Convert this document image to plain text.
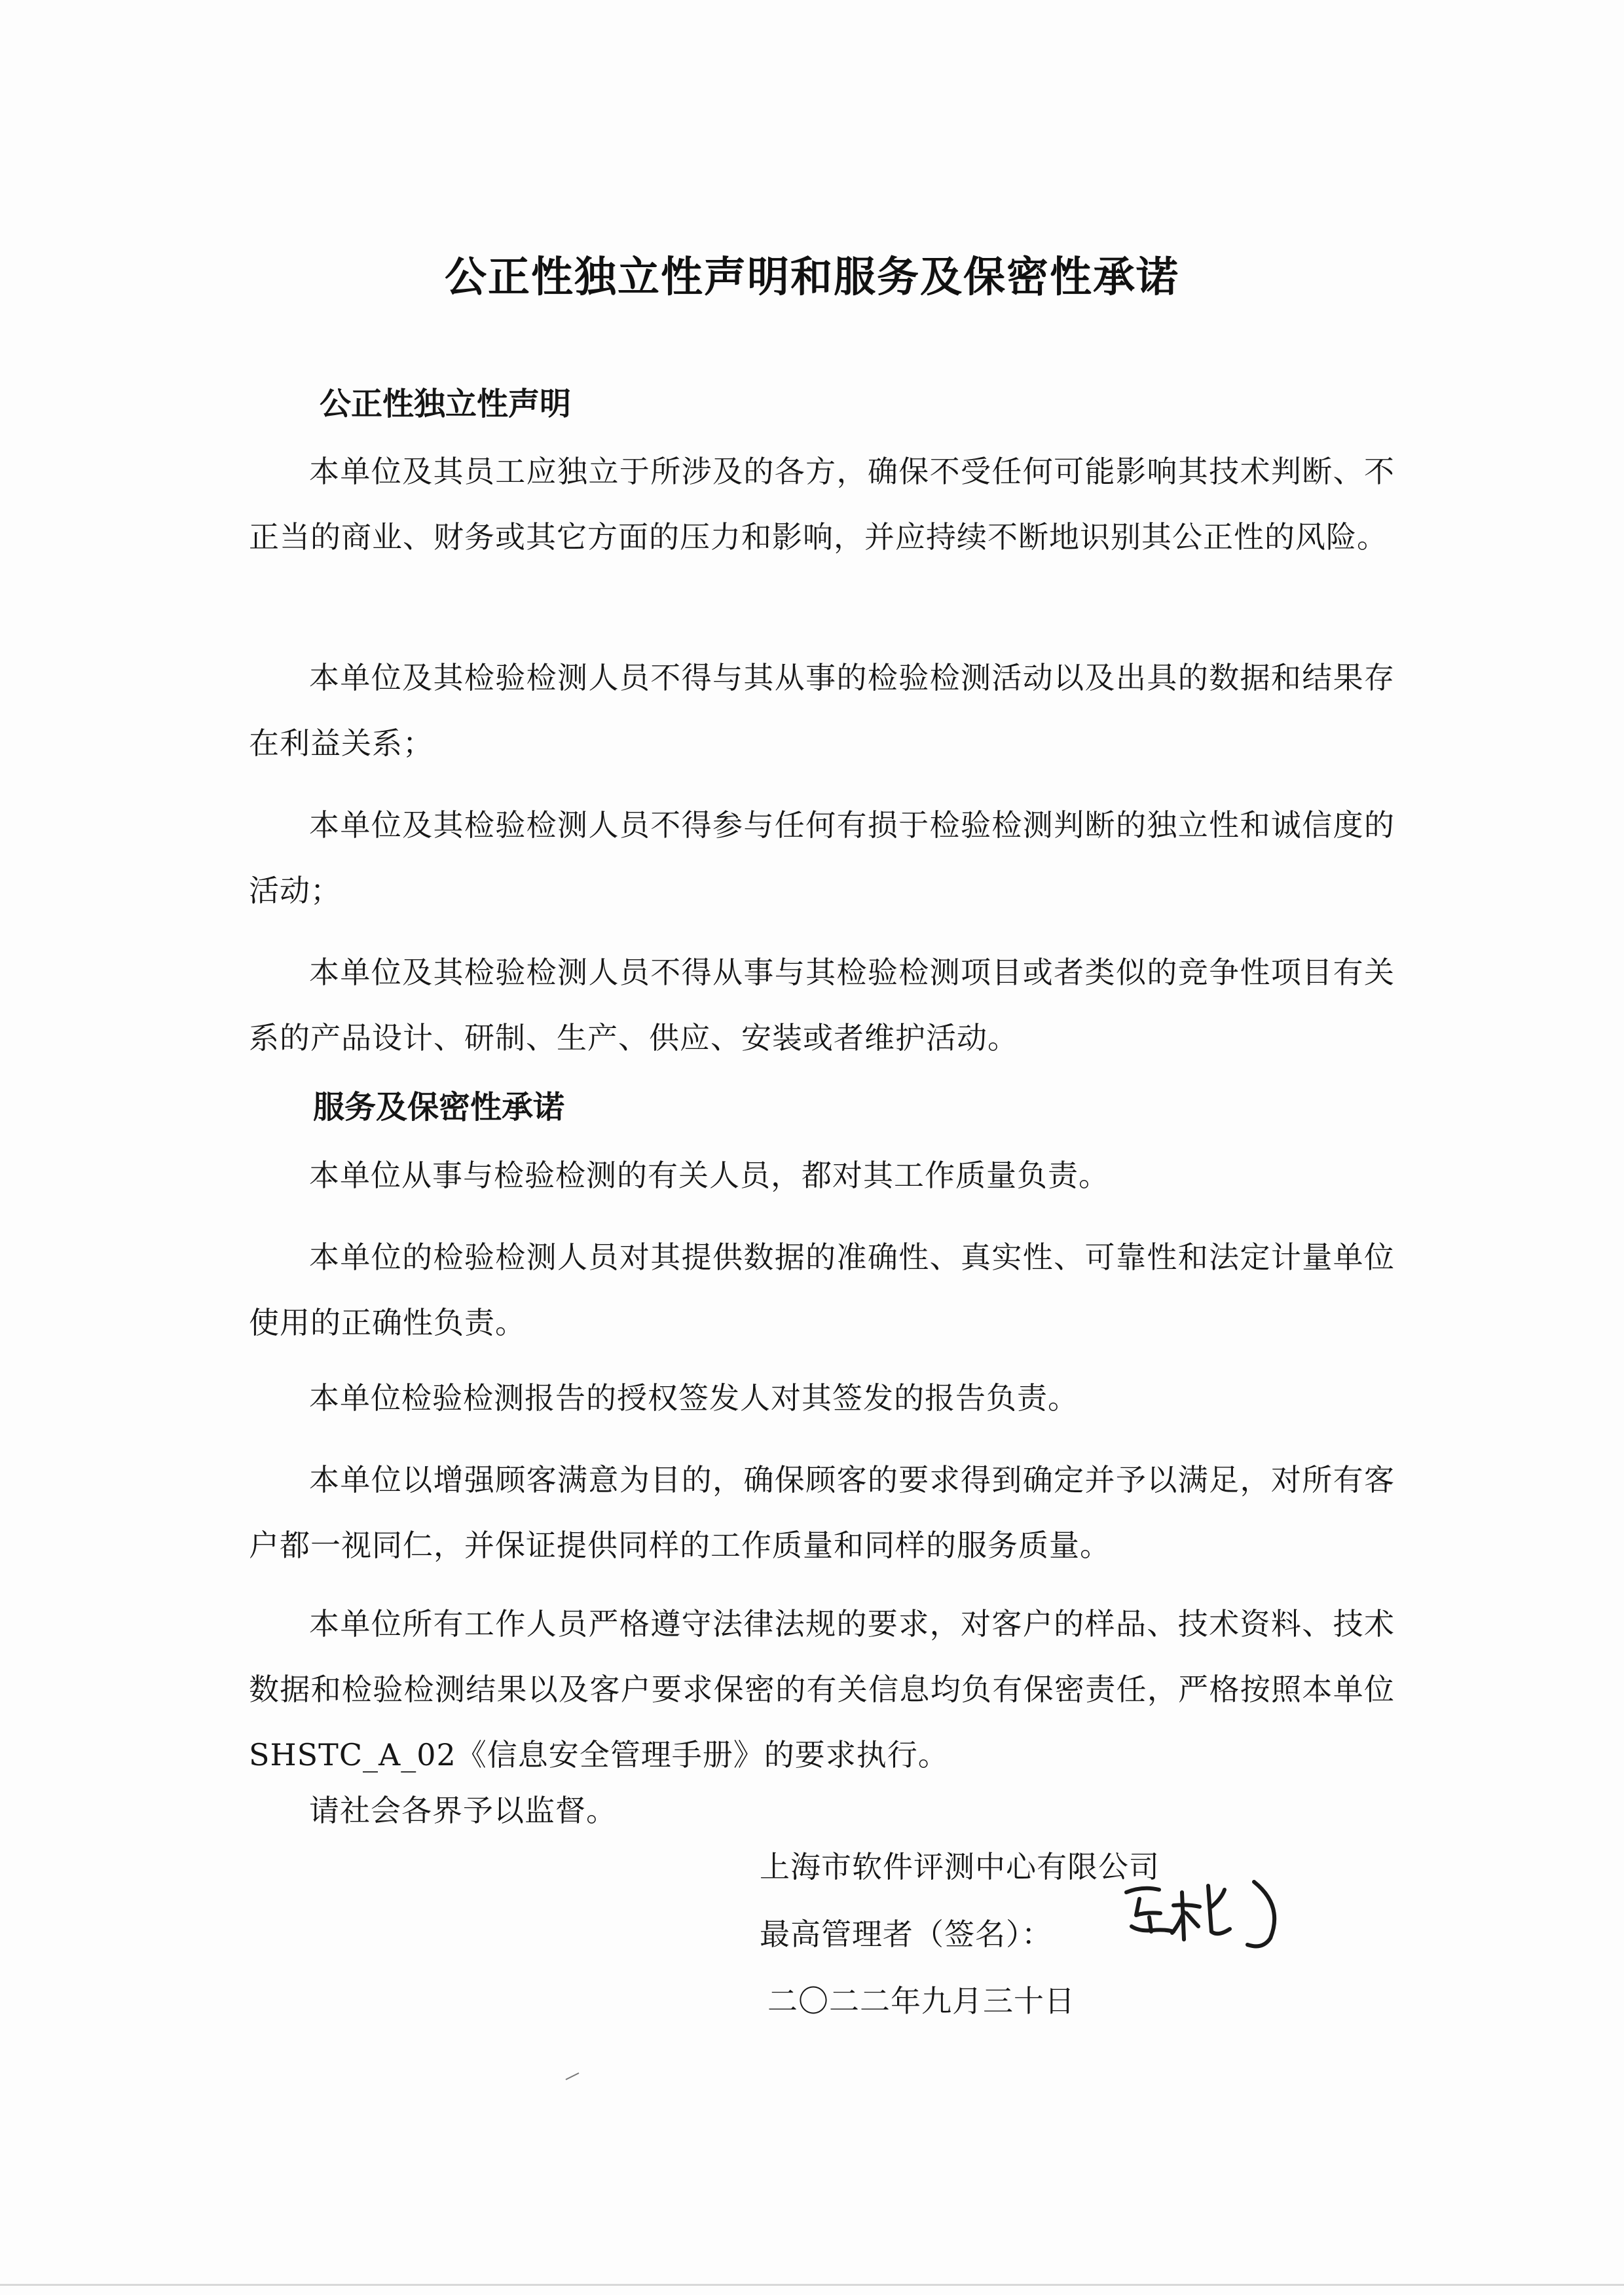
公正性独立性声明和服务及保密性承诺
公正性独立性声明
本单位及其员工应独立于所涉及的各方，确保不受任何可能影响其技术判断、不正当的商业、财务或其它方面的压力和影响，并应持续不断地识别其公正性的风险。
本单位及其检验检测人员不得与其从事的检验检测活动以及出具的数据和结果存在利益关系；
本单位及其检验检测人员不得参与任何有损于检验检测判断的独立性和诚信度的活动；
本单位及其检验检测人员不得从事与其检验检测项目或者类似的竞争性项目有关系的产品设计、研制、生产、供应、安装或者维护活动。
服务及保密性承诺
本单位从事与检验检测的有关人员，都对其工作质量负责。
本单位的检验检测人员对其提供数据的准确性、真实性、可靠性和法定计量单位使用的正确性负责。
本单位检验检测报告的授权签发人对其签发的报告负责。
本单位以增强顾客满意为目的，确保顾客的要求得到确定并予以满足，对所有客户都一视同仁，并保证提供同样的工作质量和同样的服务质量。
本单位所有工作人员严格遵守法律法规的要求，对客户的样品、技术资料、技术数据和检验检测结果以及客户要求保密的有关信息均负有保密责任，严格按照本单位 SHSTC_A_02《信息安全管理手册》的要求执行。
请社会各界予以监督。
上海市软件评测中心有限公司
最高管理者（签名）：
二〇二二年九月三十日
